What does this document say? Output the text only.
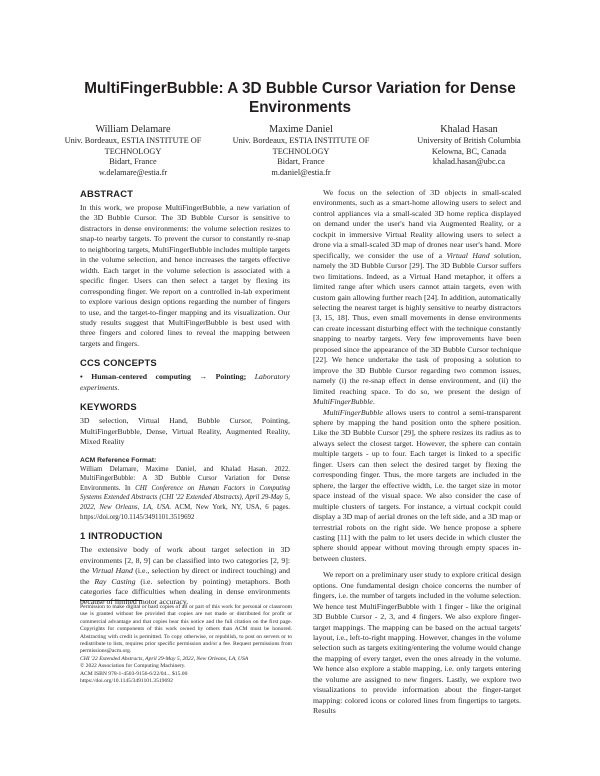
MultiFingerBubble: A 3D Bubble Cursor Variation for Dense Environments
William Delamare
Univ. Bordeaux, ESTIA INSTITUTE OF TECHNOLOGY
Bidart, France
w.delamare@estia.fr
Maxime Daniel
Univ. Bordeaux, ESTIA INSTITUTE OF TECHNOLOGY
Bidart, France
m.daniel@estia.fr
Khalad Hasan
University of British Columbia
Kelowna, BC, Canada
khalad.hasan@ubc.ca
ABSTRACT
In this work, we propose MultiFingerBubble, a new variation of the 3D Bubble Cursor. The 3D Bubble Cursor is sensitive to distractors in dense environments: the volume selection resizes to snap-to nearby targets. To prevent the cursor to constantly re-snap to neighboring targets, MultiFingerBubble includes multiple targets in the volume selection, and hence increases the targets effective width. Each target in the volume selection is associated with a specific finger. Users can then select a target by flexing its corresponding finger. We report on a controlled in-lab experiment to explore various design options regarding the number of fingers to use, and the target-to-finger mapping and its visualization. Our study results suggest that MultiFingerBubble is best used with three fingers and colored lines to reveal the mapping between targets and fingers.
CCS CONCEPTS
• Human-centered computing → Pointing; Laboratory experiments.
KEYWORDS
3D selection, Virtual Hand, Bubble Cursor, Pointing, MultiFingerBubble, Dense, Virtual Reality, Augmented Reality, Mixed Reality
ACM Reference Format:
William Delamare, Maxime Daniel, and Khalad Hasan. 2022. MultiFingerBubble: A 3D Bubble Cursor Variation for Dense Environments. In CHI Conference on Human Factors in Computing Systems Extended Abstracts (CHI '22 Extended Abstracts), April 29-May 5, 2022, New Orleans, LA, USA. ACM, New York, NY, USA, 6 pages. https://doi.org/10.1145/3491101.3519692
1 INTRODUCTION
The extensive body of work about target selection in 3D environments [2, 8, 9] can be classified into two categories [2, 9]: the Virtual Hand (i.e., selection by direct or indirect touching) and the Ray Casting (i.e. selection by pointing) metaphors. Both categories face difficulties when dealing in dense environments because of limited motor accuracy.
Permission to make digital or hard copies of all or part of this work for personal or classroom use is granted without fee provided that copies are not made or distributed for profit or commercial advantage and that copies bear this notice and the full citation on the first page. Copyrights for components of this work owned by others than ACM must be honored. Abstracting with credit is permitted. To copy otherwise, or republish, to post on servers or to redistribute to lists, requires prior specific permission and/or a fee. Request permissions from permissions@acm.org.
CHI '22 Extended Abstracts, April 29-May 5, 2022, New Orleans, LA, USA
© 2022 Association for Computing Machinery.
ACM ISBN 978-1-4503-9156-6/22/04... $15.00
https://doi.org/10.1145/3491101.3519692
We focus on the selection of 3D objects in small-scaled environments, such as a smart-home allowing users to select and control appliances via a small-scaled 3D home replica displayed on demand under the user's hand via Augmented Reality, or a cockpit in immersive Virtual Reality allowing users to select a drone via a small-scaled 3D map of drones near user's hand. More specifically, we consider the use of a Virtual Hand solution, namely the 3D Bubble Cursor [29]. The 3D Bubble Cursor suffers two limitations. Indeed, as a Virtual Hand metaphor, it offers a limited range after which users cannot attain targets, even with custom gain allowing further reach [24]. In addition, automatically selecting the nearest target is highly sensitive to nearby distractors [3, 15, 18]. Thus, even small movements in dense environments can create incessant disturbing effect with the technique constantly snapping to nearby targets. Very few improvements have been proposed since the appearance of the 3D Bubble Cursor technique [22]. We hence undertake the task of proposing a solution to improve the 3D Bubble Cursor regarding two common issues, namely (i) the re-snap effect in dense environment, and (ii) the limited reaching space. To do so, we present the design of MultiFingerBubble.
MultiFingerBubble allows users to control a semi-transparent sphere by mapping the hand position onto the sphere position. Like the 3D Bubble Cursor [29], the sphere resizes its radius as to always select the closest target. However, the sphere can contain multiple targets - up to four. Each target is linked to a specific finger. Users can then select the desired target by flexing the corresponding finger. Thus, the more targets are included in the sphere, the larger the effective width, i.e. the target size in motor space instead of the visual space. We also consider the case of multiple clusters of targets. For instance, a virtual cockpit could display a 3D map of aerial drones on the left side, and a 3D map or terrestrial robots on the right side. We hence propose a sphere casting [11] with the palm to let users decide in which cluster the sphere should appear without moving through empty spaces in-between clusters.
We report on a preliminary user study to explore critical design options. One fundamental design choice concerns the number of fingers, i.e. the number of targets included in the volume selection. We hence test MultiFingerBubble with 1 finger - like the original 3D Bubble Cursor - 2, 3, and 4 fingers. We also explore finger-target mappings. The mapping can be based on the actual targets' layout, i.e., left-to-right mapping. However, changes in the volume selection such as targets exiting/entering the volume would change the mapping of every target, even the ones already in the volume. We hence also explore a stable mapping, i.e. only targets entering the volume are assigned to new fingers. Lastly, we explore two visualizations to provide information about the finger-target mapping: colored icons or colored lines from fingertips to targets. Results
